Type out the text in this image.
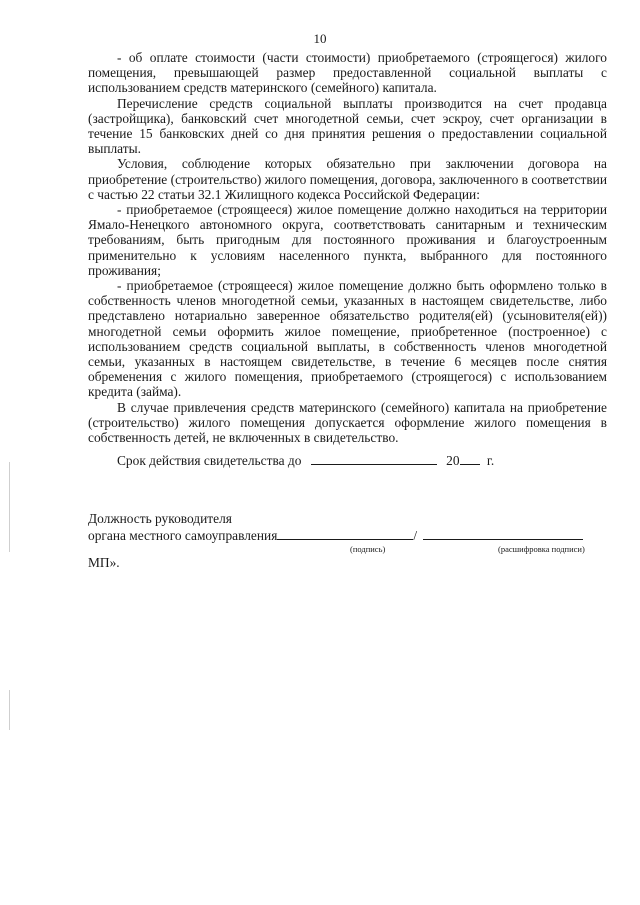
10

- об оплате стоимости (части стоимости) приобретаемого (строящегося) жилого помещения, превышающей размер предоставленной социальной выплаты с использованием средств материнского (семейного) капитала.

Перечисление средств социальной выплаты производится на счет продавца (застройщика), банковский счет многодетной семьи, счет эскроу, счет организации в течение 15 банковских дней со дня принятия решения о предоставлении социальной выплаты.

Условия, соблюдение которых обязательно при заключении договора на приобретение (строительство) жилого помещения, договора, заключенного в соответствии с частью 22 статьи 32.1 Жилищного кодекса Российской Федерации:

- приобретаемое (строящееся) жилое помещение должно находиться на территории Ямало-Ненецкого автономного округа, соответствовать санитарным и техническим требованиям, быть пригодным для постоянного проживания и благоустроенным применительно к условиям населенного пункта, выбранного для постоянного проживания;

- приобретаемое (строящееся) жилое помещение должно быть оформлено только в собственность членов многодетной семьи, указанных в настоящем свидетельстве, либо представлено нотариально заверенное обязательство родителя(ей) (усыновителя(ей)) многодетной семьи оформить жилое помещение, приобретенное (построенное) с использованием средств социальной выплаты, в собственность членов многодетной семьи, указанных в настоящем свидетельстве, в течение 6 месяцев после снятия обременения с жилого помещения, приобретаемого (строящегося) с использованием кредита (займа).

В случае привлечения средств материнского (семейного) капитала на приобретение (строительство) жилого помещения допускается оформление жилого помещения в собственность детей, не включенных в свидетельство.

Срок действия свидетельства до	20 г.
Должность руководителя
органа местного самоуправления	/
(подпись)	(расшифровка подписи)
МП».
